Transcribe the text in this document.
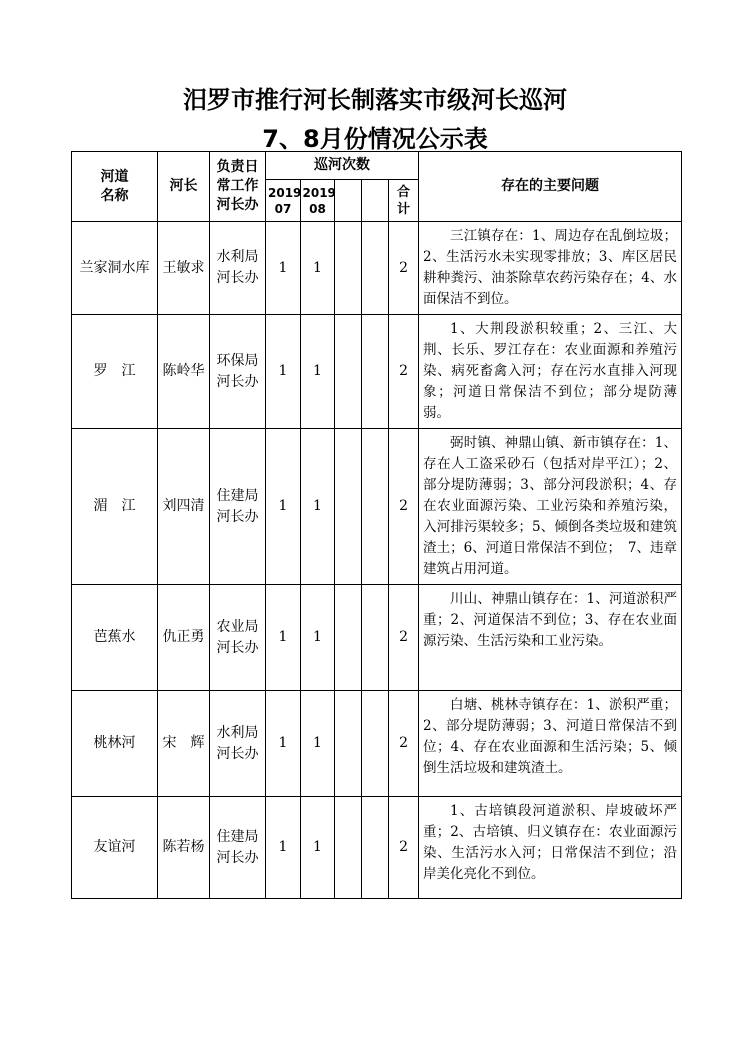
汨罗市推行河长制落实市级河长巡河
7、8月份情况公示表
河道名称	河长	负责日常工作河长办	巡河次数					存在的主要问题

			2019 07	2019 08			合计	

兰家洞水库	王敏求	水利局河长办	1	1			2	三江镇存在：1、周边存在乱倒垃圾；2、生活污水未实现零排放；3、库区居民耕种粪污、油茶除草农药污染存在；4、水面保洁不到位。

罗　江	陈岭华	环保局河长办	1	1			2	1、大荆段淤积较重；2、三江、大荆、长乐、罗江存在：农业面源和养殖污染、病死畜禽入河；存在污水直排入河现象；河道日常保洁不到位；部分堤防薄弱。

湄　江	刘四清	住建局河长办	1	1			2	弼时镇、神鼎山镇、新市镇存在：1、存在人工盗采砂石（包括对岸平江）；2、部分堤防薄弱；3、部分河段淤积；4、存在农业面源污染、工业污染和养殖污染，入河排污渠较多；5、倾倒各类垃圾和建筑渣土；6、河道日常保洁不到位；　7、违章建筑占用河道。

芭蕉水	仇正勇	农业局河长办	1	1			2	川山、神鼎山镇存在：1、河道淤积严重；2、河道保洁不到位；3、存在农业面源污染、生活污染和工业污染。

桃林河	宋　辉	水利局河长办	1	1			2	白塘、桃林寺镇存在：1、淤积严重；2、部分堤防薄弱；3、河道日常保洁不到位；4、存在农业面源和生活污染；5、倾倒生活垃圾和建筑渣土。

友谊河	陈若杨	住建局河长办	1	1			2	1、古培镇段河道淤积、岸坡破坏严重；2、古培镇、归义镇存在：农业面源污染、生活污水入河；日常保洁不到位；沿岸美化亮化不到位。
